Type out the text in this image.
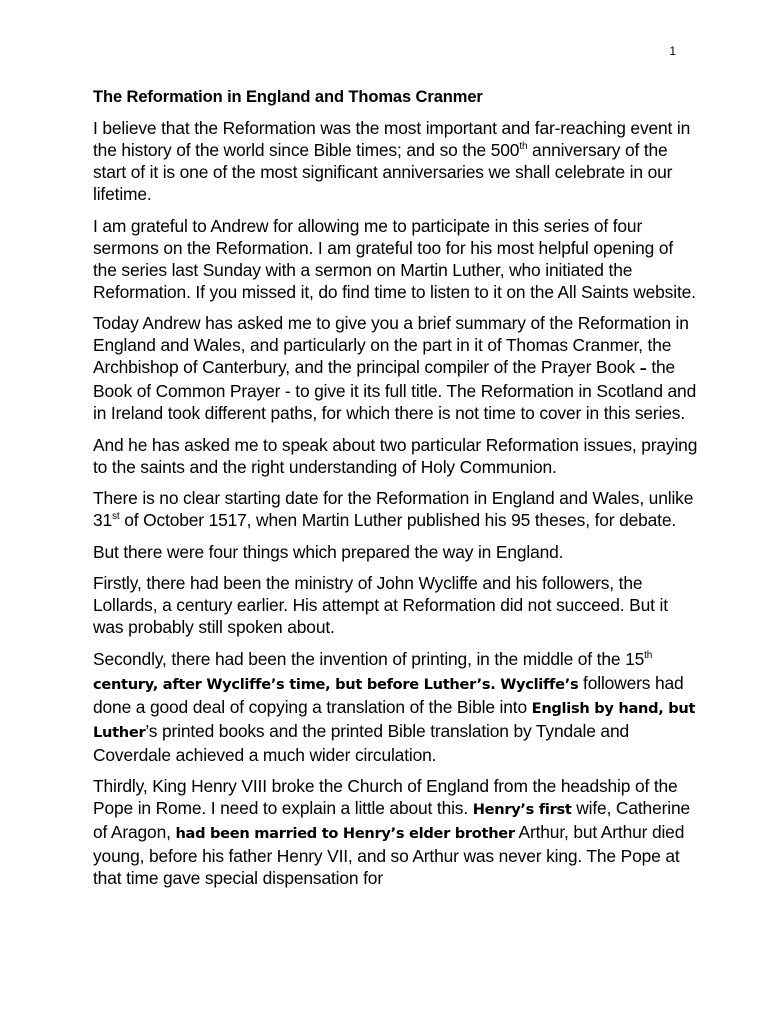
1
The Reformation in England and Thomas Cranmer

I believe that the Reformation was the most important and far-reaching event in the history of the world since Bible times; and so the 500th anniversary of the start of it is one of the most significant anniversaries we shall celebrate in our lifetime.

I am grateful to Andrew for allowing me to participate in this series of four sermons on the Reformation. I am grateful too for his most helpful opening of the series last Sunday with a sermon on Martin Luther, who initiated the Reformation. If you missed it, do find time to listen to it on the All Saints website.

Today Andrew has asked me to give you a brief summary of the Reformation in England and Wales, and particularly on the part in it of Thomas Cranmer, the Archbishop of Canterbury, and the principal compiler of the Prayer Book – the Book of Common Prayer - to give it its full title. The Reformation in Scotland and in Ireland took different paths, for which there is not time to cover in this series.

And he has asked me to speak about two particular Reformation issues, praying to the saints and the right understanding of Holy Communion.

There is no clear starting date for the Reformation in England and Wales, unlike 31st of October 1517, when Martin Luther published his 95 theses, for debate.

But there were four things which prepared the way in England.

Firstly, there had been the ministry of John Wycliffe and his followers, the Lollards, a century earlier. His attempt at Reformation did not succeed. But it was probably still spoken about.

Secondly, there had been the invention of printing, in the middle of the 15th century, after Wycliffe’s time, but before Luther’s. Wycliffe’s followers had done a good deal of copying a translation of the Bible into English by hand, but Luther’s printed books and the printed Bible translation by Tyndale and Coverdale achieved a much wider circulation.

Thirdly, King Henry VIII broke the Church of England from the headship of the Pope in Rome. I need to explain a little about this. Henry’s first wife, Catherine of Aragon, had been married to Henry’s elder brother Arthur, but Arthur died young, before his father Henry VII, and so Arthur was never king. The Pope at that time gave special dispensation for
